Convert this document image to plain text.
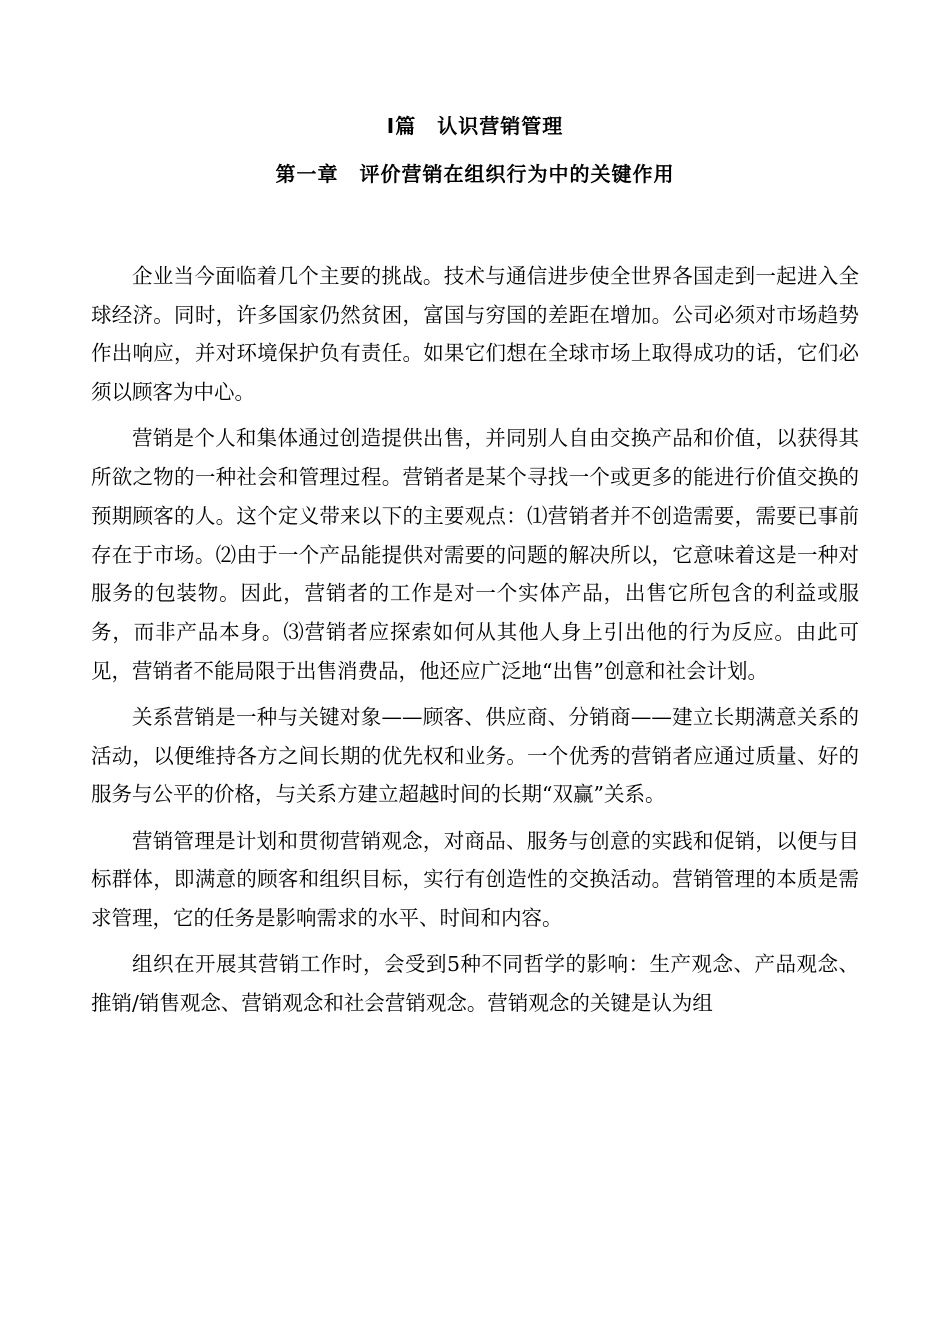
I篇　认识营销管理
第一章　评价营销在组织行为中的关键作用

企业当今面临着几个主要的挑战。技术与通信进步使全世界各国走到一起进入全球经济。同时，许多国家仍然贫困，富国与穷国的差距在增加。公司必须对市场趋势作出响应，并对环境保护负有责任。如果它们想在全球市场上取得成功的话，它们必须以顾客为中心。

营销是个人和集体通过创造提供出售，并同别人自由交换产品和价值，以获得其所欲之物的一种社会和管理过程。营销者是某个寻找一个或更多的能进行价值交换的预期顾客的人。这个定义带来以下的主要观点：⑴营销者并不创造需要，需要已事前存在于市场。⑵由于一个产品能提供对需要的问题的解决所以，它意味着这是一种对服务的包装物。因此，营销者的工作是对一个实体产品，出售它所包含的利益或服务，而非产品本身。⑶营销者应探索如何从其他人身上引出他的行为反应。由此可见，营销者不能局限于出售消费品，他还应广泛地“出售”创意和社会计划。

关系营销是一种与关键对象——顾客、供应商、分销商——建立长期满意关系的活动，以便维持各方之间长期的优先权和业务。一个优秀的营销者应通过质量、好的服务与公平的价格，与关系方建立超越时间的长期“双赢”关系。

营销管理是计划和贯彻营销观念，对商品、服务与创意的实践和促销，以便与目标群体，即满意的顾客和组织目标，实行有创造性的交换活动。营销管理的本质是需求管理，它的任务是影响需求的水平、时间和内容。

组织在开展其营销工作时，会受到5种不同哲学的影响：生产观念、产品观念、推销/销售观念、营销观念和社会营销观念。营销观念的关键是认为组
